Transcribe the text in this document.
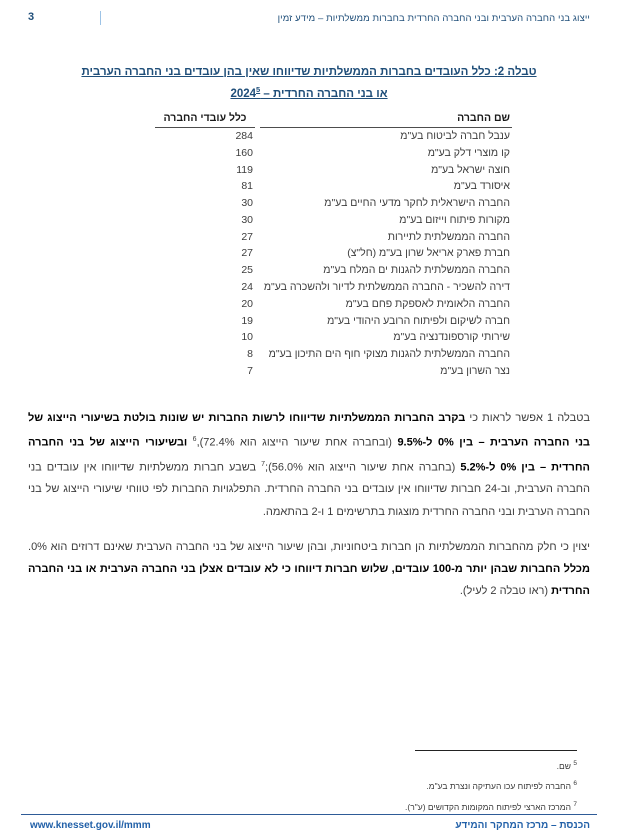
ייצוג בני החברה הערבית ובני החברה החרדית בחברות ממשלתיות – מידע זמין
3
טבלה 2: כלל העובדים בחברות הממשלתיות שדיווחו שאין בהן עובדים בני החברה הערבית
או בני החברה החרדית – 2024$^5$
שם החברה	כלל עובדי החברה
ענבל חברה לביטוח בע"מ	284
קו מוצרי דלק בע"מ	160
חוצה ישראל בע"מ	119
איסורד בע"מ	81
החברה הישראלית לחקר מדעי החיים בע"מ	30
מקורות פיתוח וייזום בע"מ	30
החברה הממשלתית לתיירות	27
חברת פארק אריאל שרון בע"מ (חל"צ)	27
החברה הממשלתית להגנות ים המלח בע"מ	25
דירה להשכיר - החברה הממשלתית לדיור ולהשכרה בע"מ	24
החברה הלאומית לאספקת פחם בע"מ	20
חברה לשיקום ולפיתוח הרובע היהודי בע"מ	19
שירותי קורספונדנציה בע"מ	10
החברה הממשלתית להגנות מצוקי חוף הים התיכון בע"מ	8
נצר השרון בע"מ	7

בטבלה 1 אפשר לראות כי בקרב החברות הממשלתיות שדיווחו לרשות החברות יש שונות בולטת בשיעורי הייצוג של בני החברה הערבית – בין 0% ל-9.5% (ובחברה אחת שיעור הייצוג הוא 72.4%),$^6$ ובשיעורי הייצוג של בני החברה החרדית – בין 0% ל-5.2% (בחברה אחת שיעור הייצוג הוא 56.0%);$^7$ בשבע חברות ממשלתיות שדיווחו אין עובדים בני החברה הערבית, וב-24 חברות שדיווחו אין עובדים בני החברה החרדית. התפלגויות החברות לפי טווחי שיעורי הייצוג של בני החברה הערבית ובני החברה החרדית מוצגות בתרשימים 1 ו-2 בהתאמה.

יצוין כי חלק מהחברות הממשלתיות הן חברות ביטחוניות, ובהן שיעור הייצוג של בני החברה הערבית שאינם דרוזים הוא 0%. מכלל החברות שבהן יותר מ-100 עובדים, שלוש חברות דיווחו כי לא עובדים אצלן בני החברה הערבית או בני החברה החרדית (ראו טבלה 2 לעיל).

$^5$ שם.
$^6$ החברה לפיתוח עכו העתיקה ונצרת בע"מ.
$^7$ המרכז הארצי לפיתוח המקומות הקדושים (ע"ר).
הכנסת – מרכז המחקר והמידע
www.knesset.gov.il/mmm
